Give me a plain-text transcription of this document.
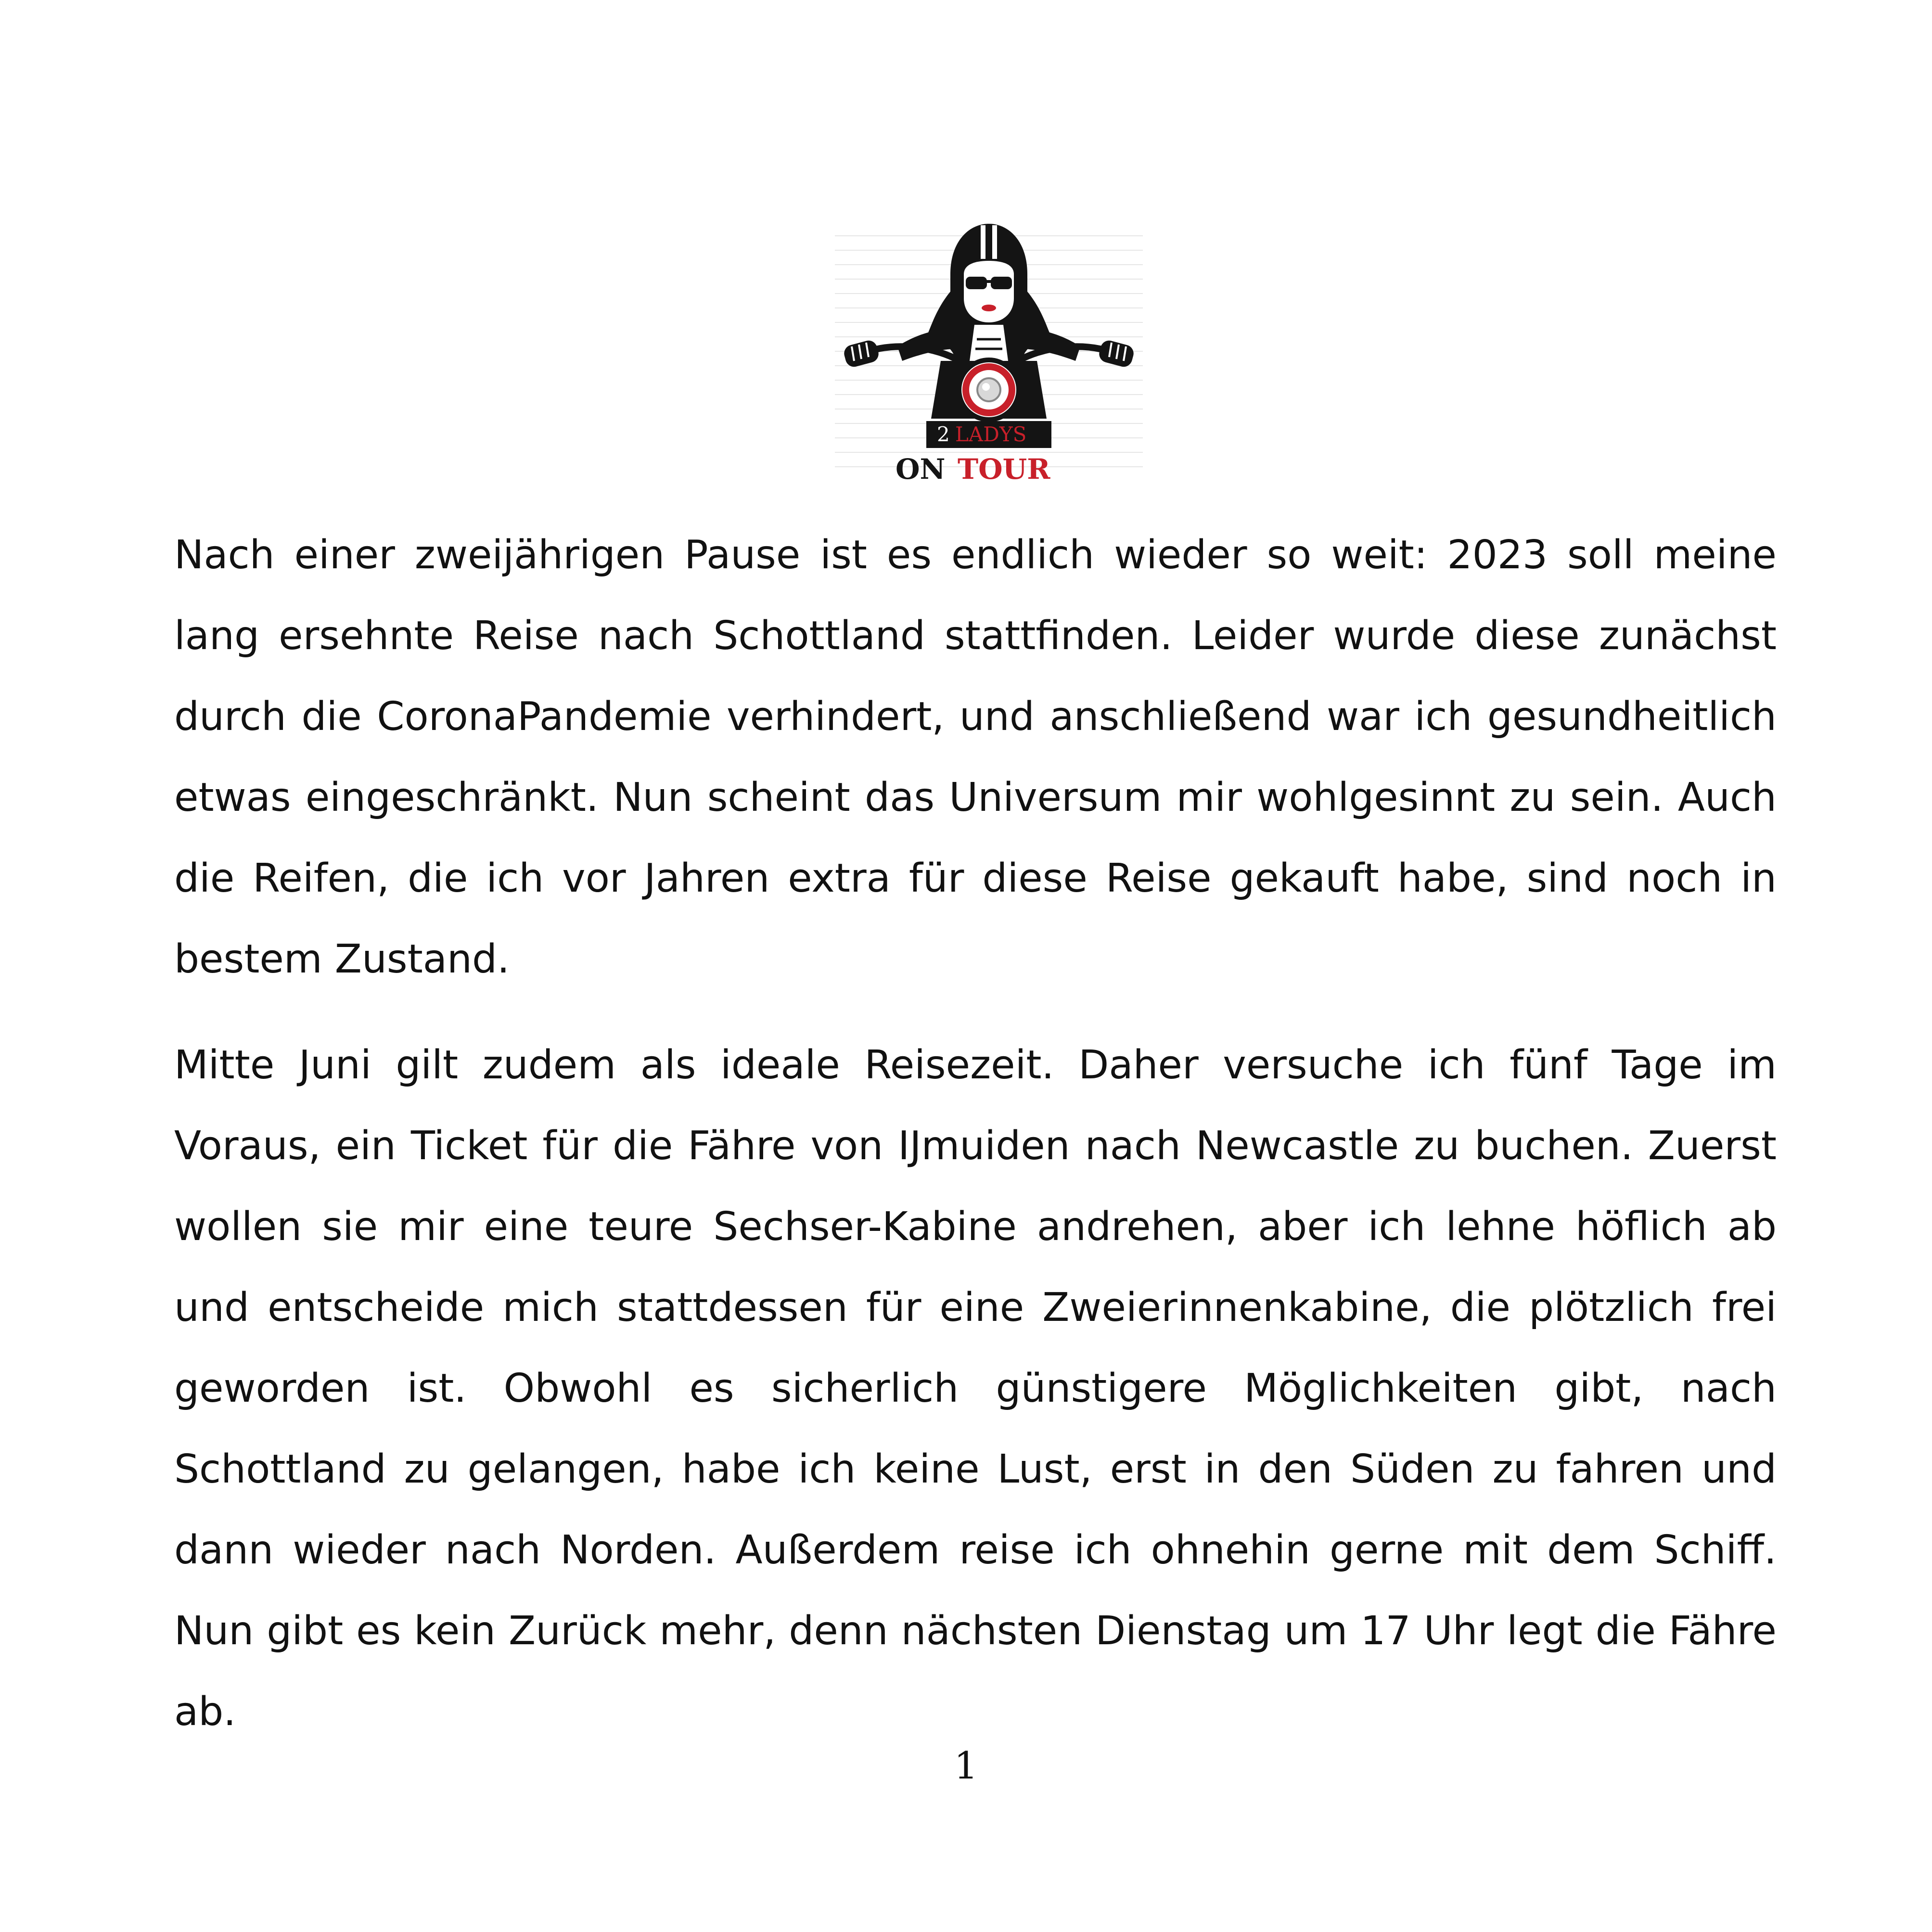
2 LADYS
ON TOUR

Nach einer zweijährigen Pause ist es endlich wieder so weit: 2023 soll meine lang ersehnte Reise nach Schottland stattfinden. Leider wurde diese zunächst durch die CoronaPandemie verhindert, und anschließend war ich gesundheitlich etwas eingeschränkt. Nun scheint das Universum mir wohlgesinnt zu sein. Auch die Reifen, die ich vor Jahren extra für diese Reise gekauft habe, sind noch in bestem Zustand.

Mitte Juni gilt zudem als ideale Reisezeit. Daher versuche ich fünf Tage im Voraus, ein Ticket für die Fähre von IJmuiden nach Newcastle zu buchen. Zuerst wollen sie mir eine teure Sechser-Kabine andrehen, aber ich lehne höflich ab und entscheide mich stattdessen für eine Zweierinnenkabine, die plötzlich frei geworden ist. Obwohl es sicherlich günstigere Möglichkeiten gibt, nach Schottland zu gelangen, habe ich keine Lust, erst in den Süden zu fahren und dann wieder nach Norden. Außerdem reise ich ohnehin gerne mit dem Schiff. Nun gibt es kein Zurück mehr, denn nächsten Dienstag um 17 Uhr legt die Fähre ab.

1
